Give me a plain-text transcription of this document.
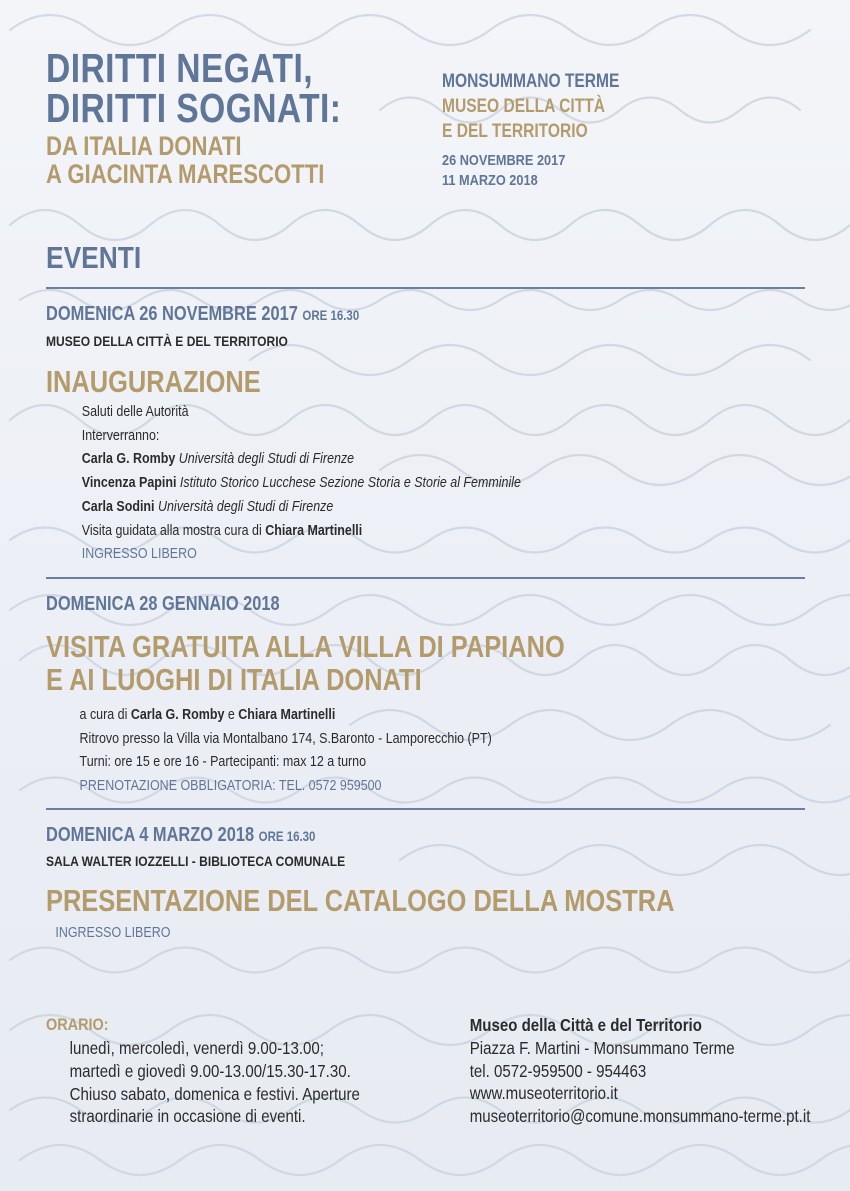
DIRITTI NEGATI,
DIRITTI SOGNATI:
DA ITALIA DONATI
A GIACINTA MARESCOTTI
MONSUMMANO TERME
MUSEO DELLA CITTÀ
E DEL TERRITORIO
26 NOVEMBRE 2017
11 MARZO 2018
EVENTI
DOMENICA 26 NOVEMBRE 2017 ORE 16.30
MUSEO DELLA CITTÀ E DEL TERRITORIO
INAUGURAZIONE
Saluti delle Autorità
Interverranno:
Carla G. Romby Università degli Studi di Firenze
Vincenza Papini Istituto Storico Lucchese Sezione Storia e Storie al Femminile
Carla Sodini Università degli Studi di Firenze
Visita guidata alla mostra cura di Chiara Martinelli
INGRESSO LIBERO
DOMENICA 28 GENNAIO 2018
VISITA GRATUITA ALLA VILLA DI PAPIANO
E AI LUOGHI DI ITALIA DONATI
a cura di Carla G. Romby e Chiara Martinelli
Ritrovo presso la Villa via Montalbano 174, S.Baronto - Lamporecchio (PT)
Turni: ore 15 e ore 16 - Partecipanti: max 12 a turno
PRENOTAZIONE OBBLIGATORIA: TEL. 0572 959500
DOMENICA 4 MARZO 2018 ORE 16.30
SALA WALTER IOZZELLI - BIBLIOTECA COMUNALE
PRESENTAZIONE DEL CATALOGO DELLA MOSTRA
INGRESSO LIBERO
ORARIO:
lunedì, mercoledì, venerdì 9.00-13.00;
martedì e giovedì 9.00-13.00/15.30-17.30.
Chiuso sabato, domenica e festivi. Aperture
straordinarie in occasione di eventi.
Museo della Città e del Territorio
Piazza F. Martini - Monsummano Terme
tel. 0572-959500 - 954463
www.museoterritorio.it
museoterritorio@comune.monsummano-terme.pt.it
